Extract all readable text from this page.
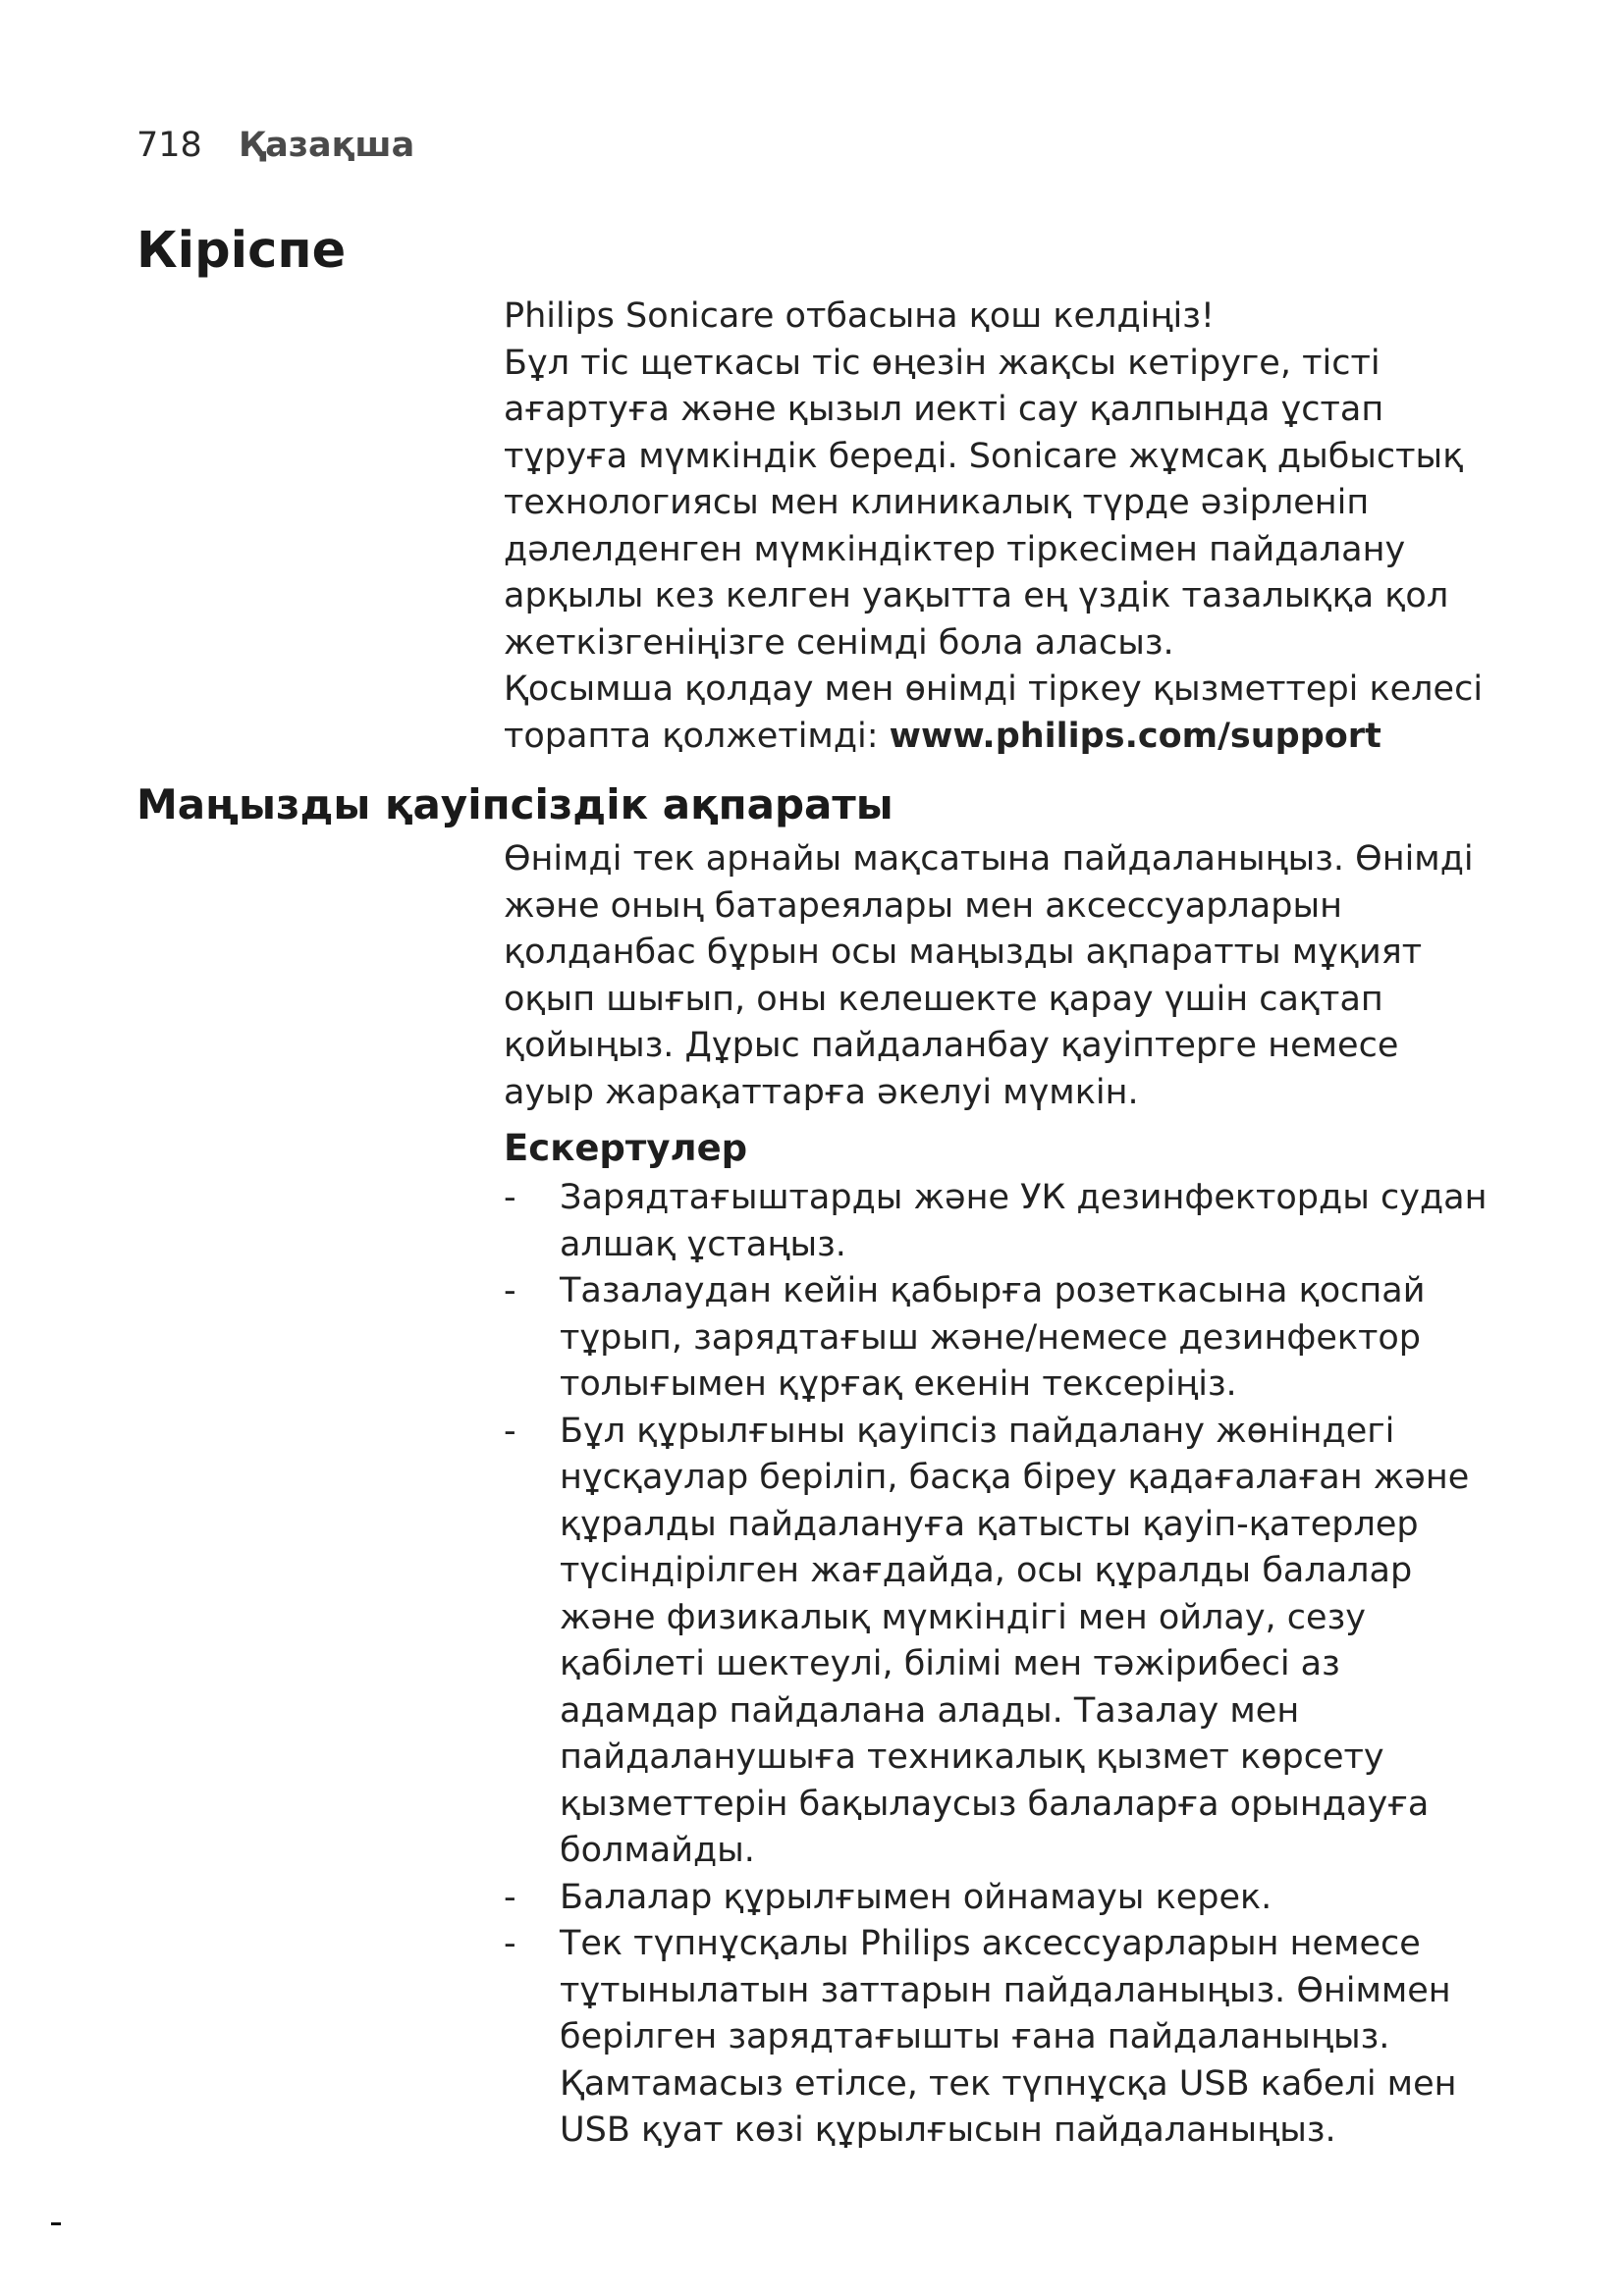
718 Қазақша
Кіріспе

Philips Sonicare отбасына қош келдіңіз!

Бұл тіс щеткасы тіс өңезін жақсы кетіруге, тісті ағартуға және қызыл иекті сау қалпында ұстап тұруға мүмкіндік береді. Sonicare жұмсақ дыбыстық технологиясы мен клиникалық түрде әзірленіп дәлелденген мүмкіндіктер тіркесімен пайдалану арқылы кез келген уақытта ең үздік тазалыққа қол жеткізгеніңізге сенімді бола аласыз.

Қосымша қолдау мен өнімді тіркеу қызметтері келесі торапта қолжетімді: www.philips.com/support

Маңызды қауіпсіздік ақпараты

Өнімді тек арнайы мақсатына пайдаланыңыз. Өнімді және оның батареялары мен аксессуарларын қолданбас бұрын осы маңызды ақпаратты мұқият оқып шығып, оны келешекте қарау үшін сақтап қойыңыз. Дұрыс пайдаланбау қауіптерге немесе ауыр жарақаттарға әкелуі мүмкін.

Ескертулер
- Зарядтағыштарды және УК дезинфекторды судан алшақ ұстаңыз.
- Тазалаудан кейін қабырға розеткасына қоспай тұрып, зарядтағыш және/немесе дезинфектор толығымен құрғақ екенін тексеріңіз.
- Бұл құрылғыны қауіпсіз пайдалану жөніндегі нұсқаулар беріліп, басқа біреу қадағалаған және құралды пайдалануға қатысты қауіп-қатерлер түсіндірілген жағдайда, осы құралды балалар және физикалық мүмкіндігі мен ойлау, сезу қабілеті шектеулі, білімі мен тәжірибесі аз адамдар пайдалана алады. Тазалау мен пайдаланушыға техникалық қызмет көрсету қызметтерін бақылаусыз балаларға орындауға болмайды.
- Балалар құрылғымен ойнамауы керек.
- Тек түпнұсқалы Philips аксессуарларын немесе тұтынылатын заттарын пайдаланыңыз. Өніммен берілген зарядтағышты ғана пайдаланыңыз. Қамтамасыз етілсе, тек түпнұсқа USB кабелі мен USB қуат көзі құрылғысын пайдаланыңыз.
